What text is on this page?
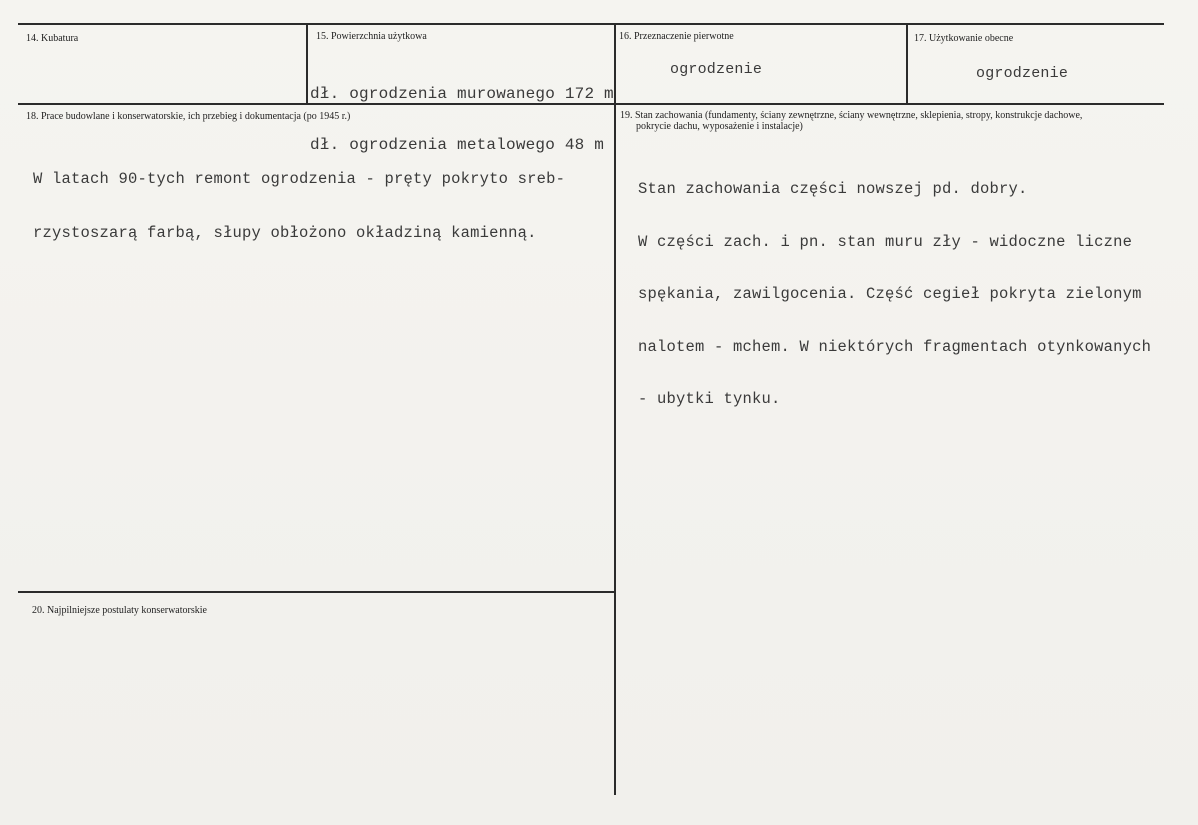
14. Kubatura	15. Powierzchnia użytkowa

dł. ogrodzenia murowanego 172 m

dł. ogrodzenia metalowego 48 m

16. Przeznaczenie pierwotne
ogrodzenie
17. Użytkowanie obecne
ogrodzenie
18. Prace budowlane i konserwatorskie, ich przebieg i dokumentacja (po 1945 r.)

W latach 90-tych remont ogrodzenia - pręty pokryto sreb-

rzystoszarą farbą, słupy obłożono okładziną kamienną.

19. Stan zachowania (fundamenty, ściany zewnętrzne, ściany wewnętrzne, sklepienia, stropy, konstrukcje dachowe,
pokrycie dachu, wyposażenie i instalacje)

Stan zachowania części nowszej pd. dobry.

W części zach. i pn. stan muru zły - widoczne liczne

spękania, zawilgocenia. Część cegieł pokryta zielonym

nalotem - mchem. W niektórych fragmentach otynkowanych

- ubytki tynku.

20. Najpilniejsze postulaty konserwatorskie
